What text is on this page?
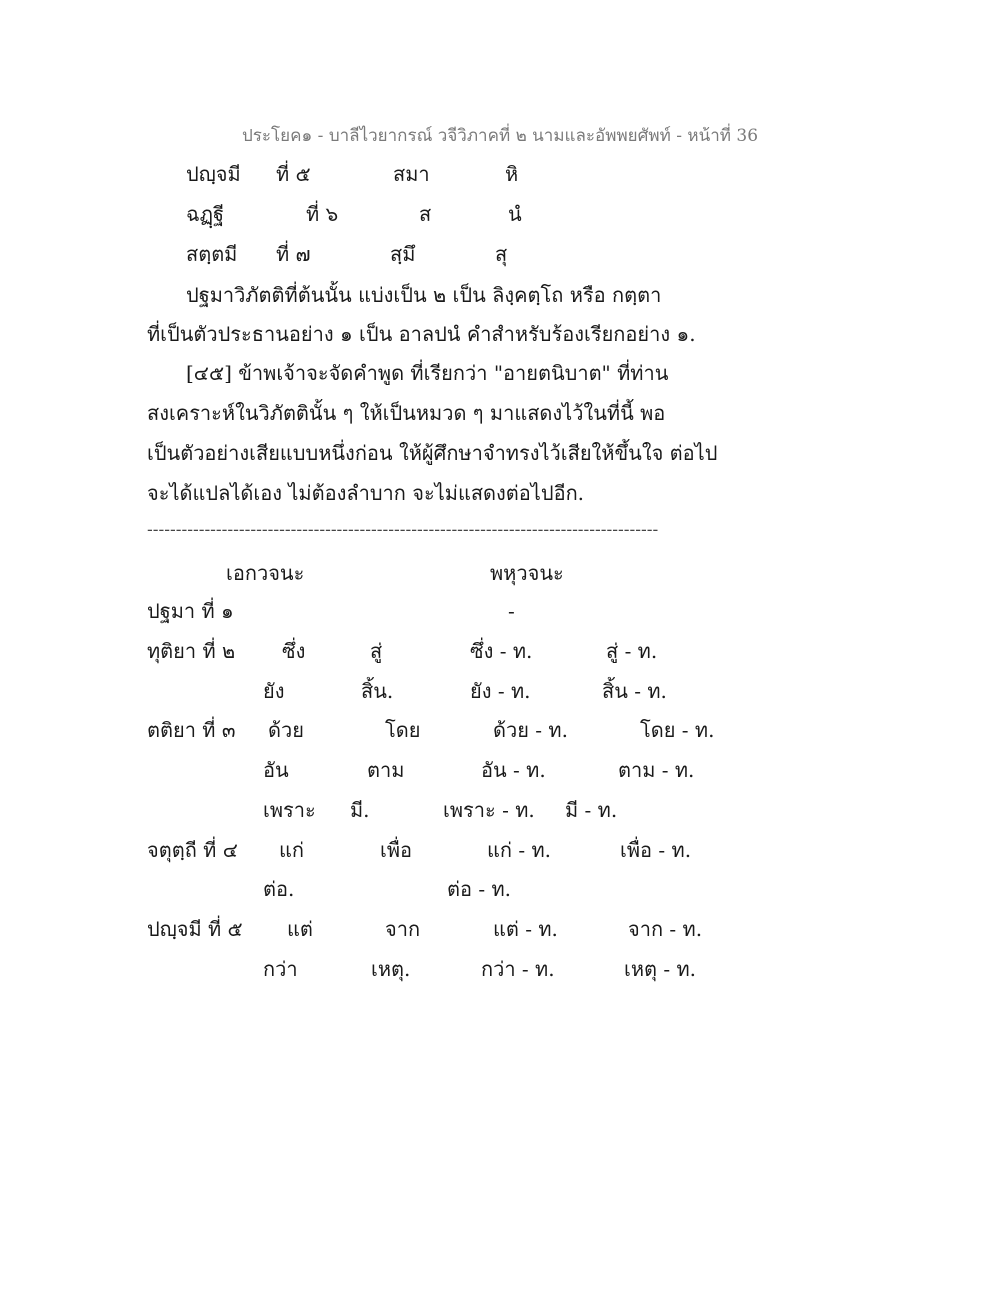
ประโยค๑ - บาลีไวยากรณ์ วจีวิภาคที่ ๒ นามและอัพพยศัพท์ - หน้าที่ 36
ปญฺจมี ที่ ๕	สมา	หิ
ฉฏฺฐี	ที่ ๖	ส	นํ
สตฺตมี ที่ ๗	สฺมึ	สุ
ปฐมาวิภัตติที่ต้นนั้น แบ่งเป็น ๒ เป็น ลิงฺคตฺโถ หรือ กตฺตา
ที่เป็นตัวประธานอย่าง ๑ เป็น อาลปนํ คำสำหรับร้องเรียกอย่าง ๑.
[๔๕] ข้าพเจ้าจะจัดคำพูด ที่เรียกว่า "อายตนิบาต" ที่ท่าน
สงเคราะห์ในวิภัตตินั้น ๆ ให้เป็นหมวด ๆ มาแสดงไว้ในที่นี้ พอ
เป็นตัวอย่างเสียแบบหนึ่งก่อน ให้ผู้ศึกษาจำทรงไว้เสียให้ขึ้นใจ ต่อไป
จะได้แปลได้เอง ไม่ต้องลำบาก จะไม่แสดงต่อไปอีก.
-----------------------------------------------------------------------------------------
เอกวจนะ	พหุวจนะ
ปฐมา ที่ ๑	-
ทุติยา ที่ ๒ ซึ่ง	สู่	ซึ่ง - ท.	สู่ - ท.
ยัง	สิ้น.	ยัง - ท.	สิ้น - ท.
ตติยา ที่ ๓ ด้วย	โดย	ด้วย - ท.	โดย - ท.
อัน	ตาม	อัน - ท.	ตาม - ท.
เพราะ มี.	เพราะ - ท. มี - ท.
จตุตฺถี ที่ ๔ แก่	เพื่อ	แก่ - ท.	เพื่อ - ท.
ต่อ.	ต่อ - ท.
ปญฺจมี ที่ ๕ แต่	จาก	แต่ - ท.	จาก - ท.
กว่า	เหตุ.	กว่า - ท.	เหตุ - ท.
